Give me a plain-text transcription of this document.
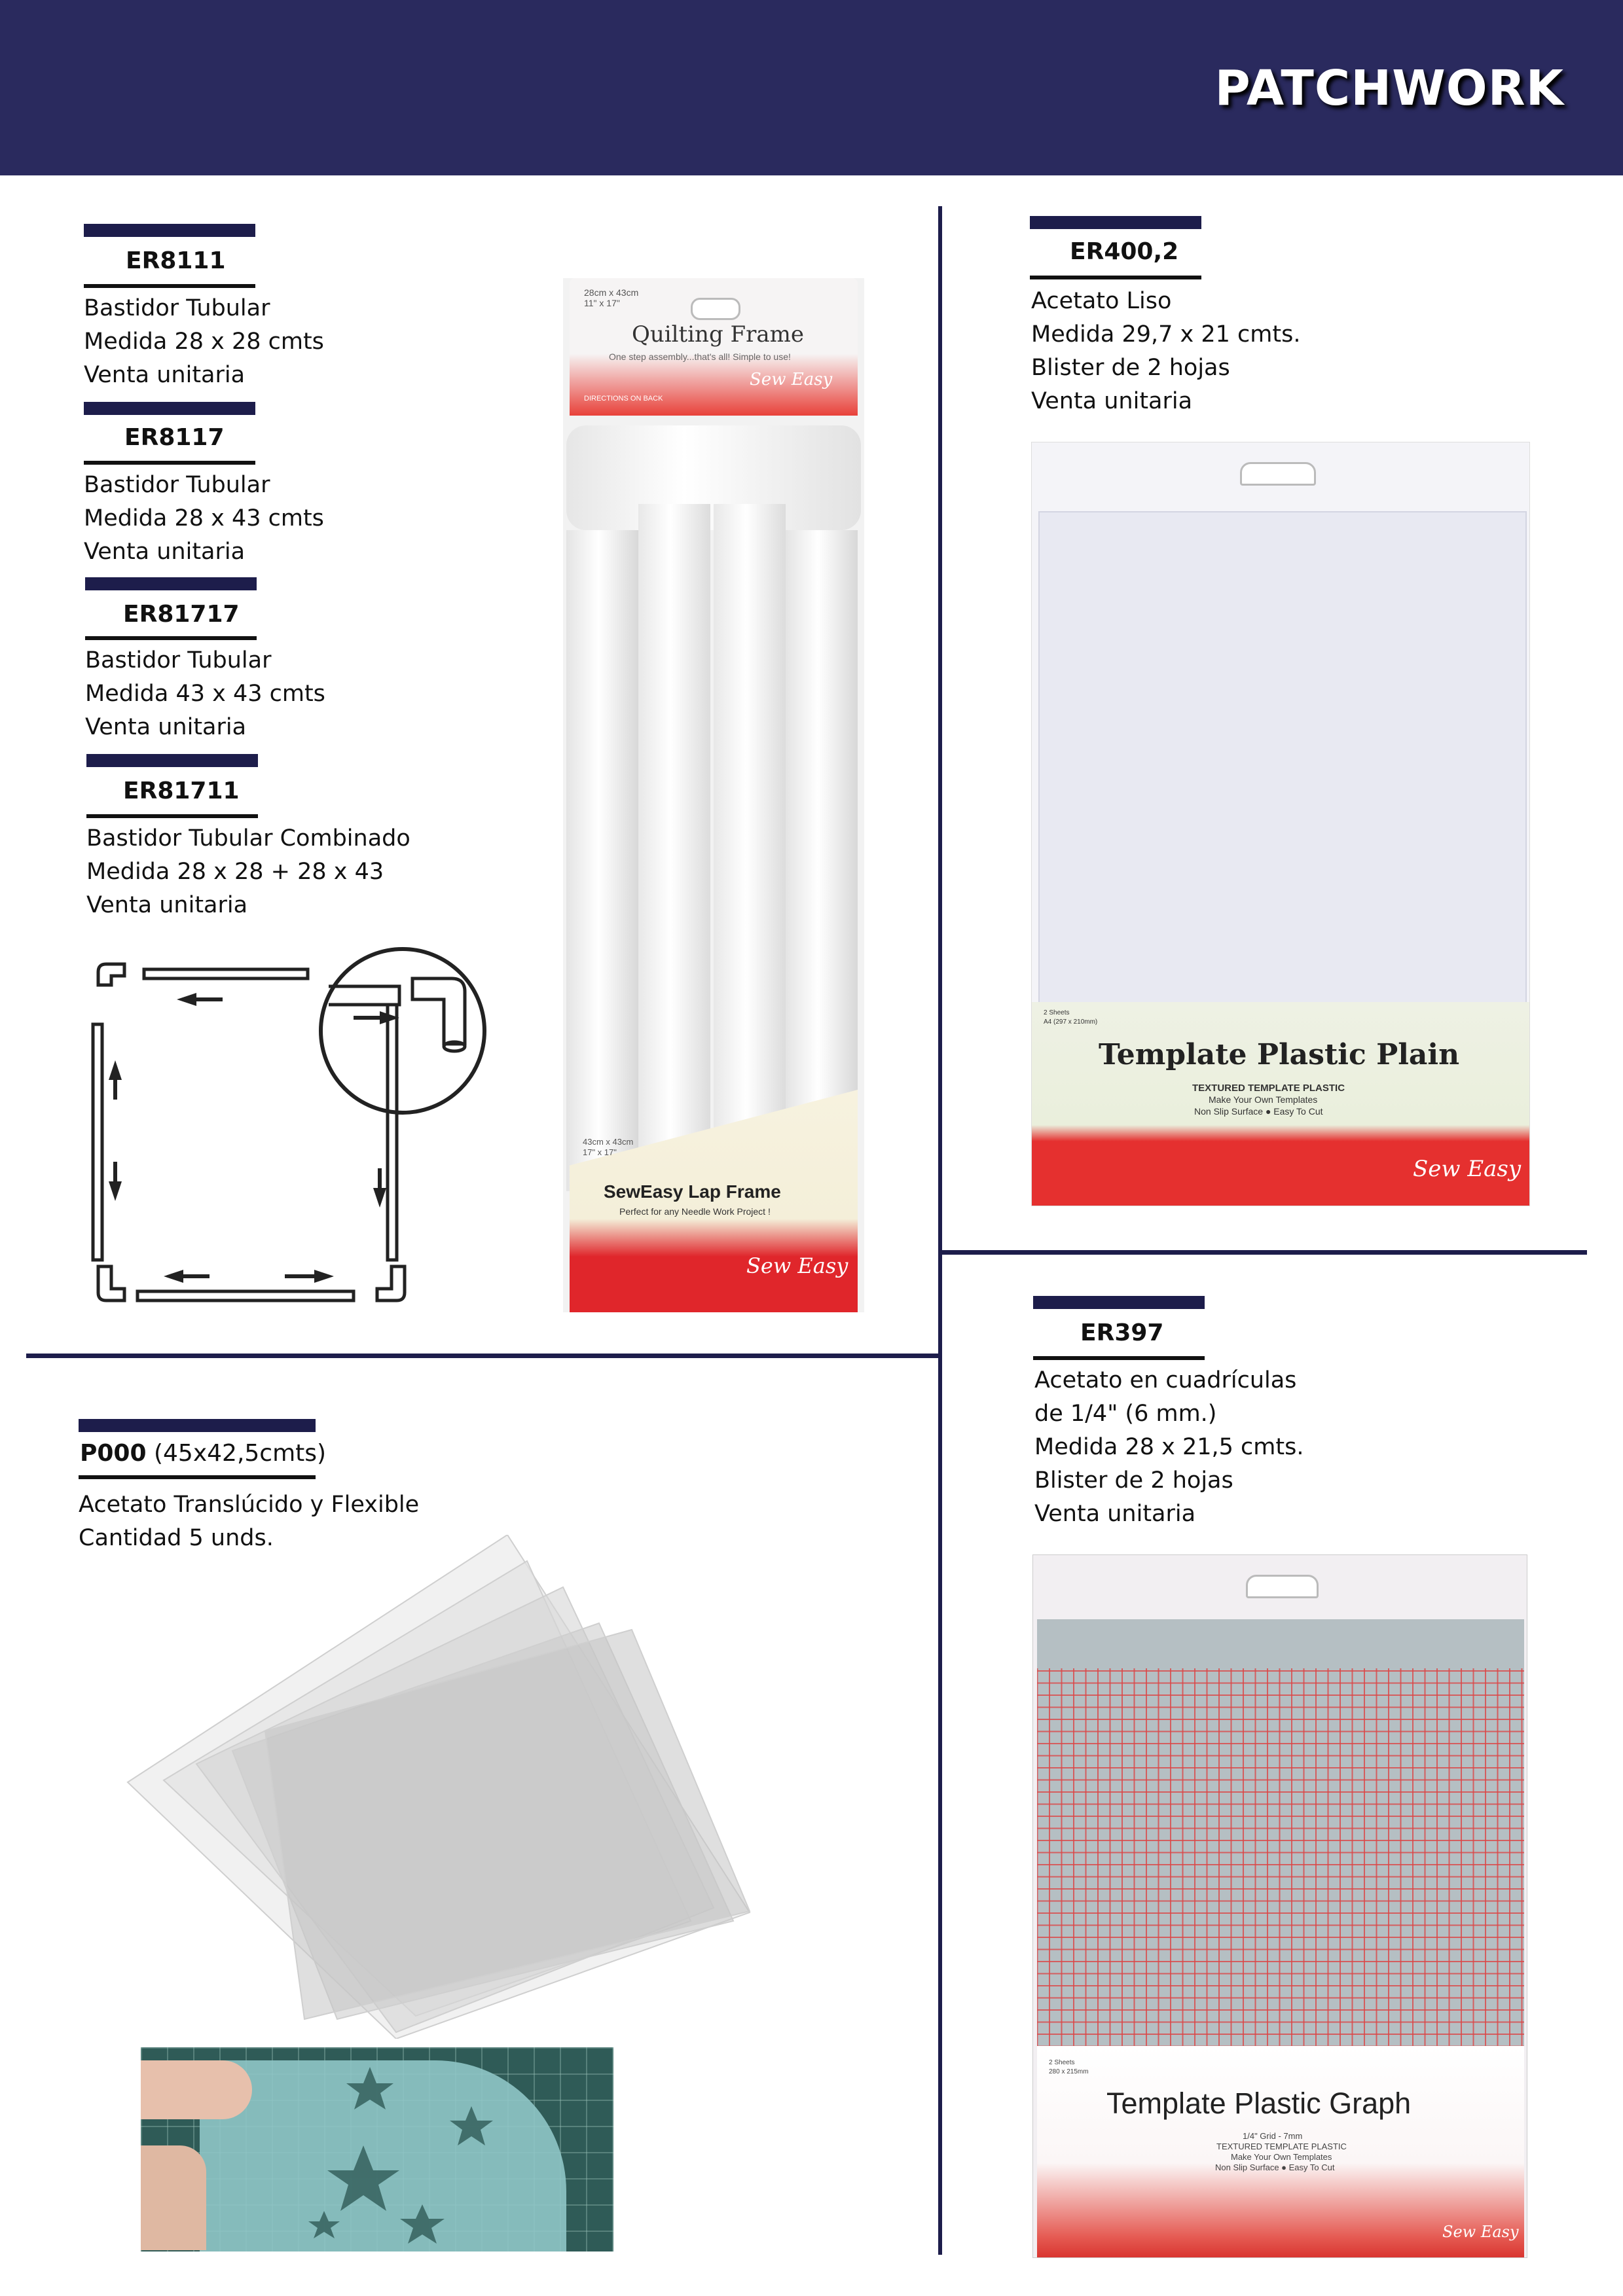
PATCHWORK
ER8111
Bastidor Tubular
Medida 28 x 28 cmts
Venta unitaria
ER8117
Bastidor Tubular
Medida 28 x 43 cmts
Venta unitaria
ER81717
Bastidor Tubular
Medida 43 x 43 cmts
Venta unitaria
ER81711
Bastidor Tubular Combinado
Medida 28 x 28 + 28 x 43
Venta unitaria
28cm x 43cm
11" x 17"
Quilting Frame
One step assembly...that's all! Simple to use!
Sew Easy
DIRECTIONS ON BACK
43cm x 43cm
17" x 17"
SewEasy Lap Frame
Perfect for any Needle Work Project !
Sew Easy
ER400,2
Acetato Liso
Medida 29,7 x 21 cmts.
Blister de 2 hojas
Venta unitaria
2 Sheets
A4 (297 x 210mm)
Template Plastic Plain
TEXTURED TEMPLATE PLASTIC
Make Your Own Templates
Non Slip Surface ● Easy To Cut
Sew Easy
ER397
Acetato en cuadrículas
de 1/4" (6 mm.)
Medida 28 x 21,5 cmts.
Blister de 2 hojas
Venta unitaria
2 Sheets
280 x 215mm
Template Plastic Graph
1/4" Grid - 7mm
TEXTURED TEMPLATE PLASTIC
Make Your Own Templates
Non Slip Surface ● Easy To Cut
Sew Easy
P000 (45x42,5cmts)
Acetato Translúcido y Flexible
Cantidad 5 unds.
